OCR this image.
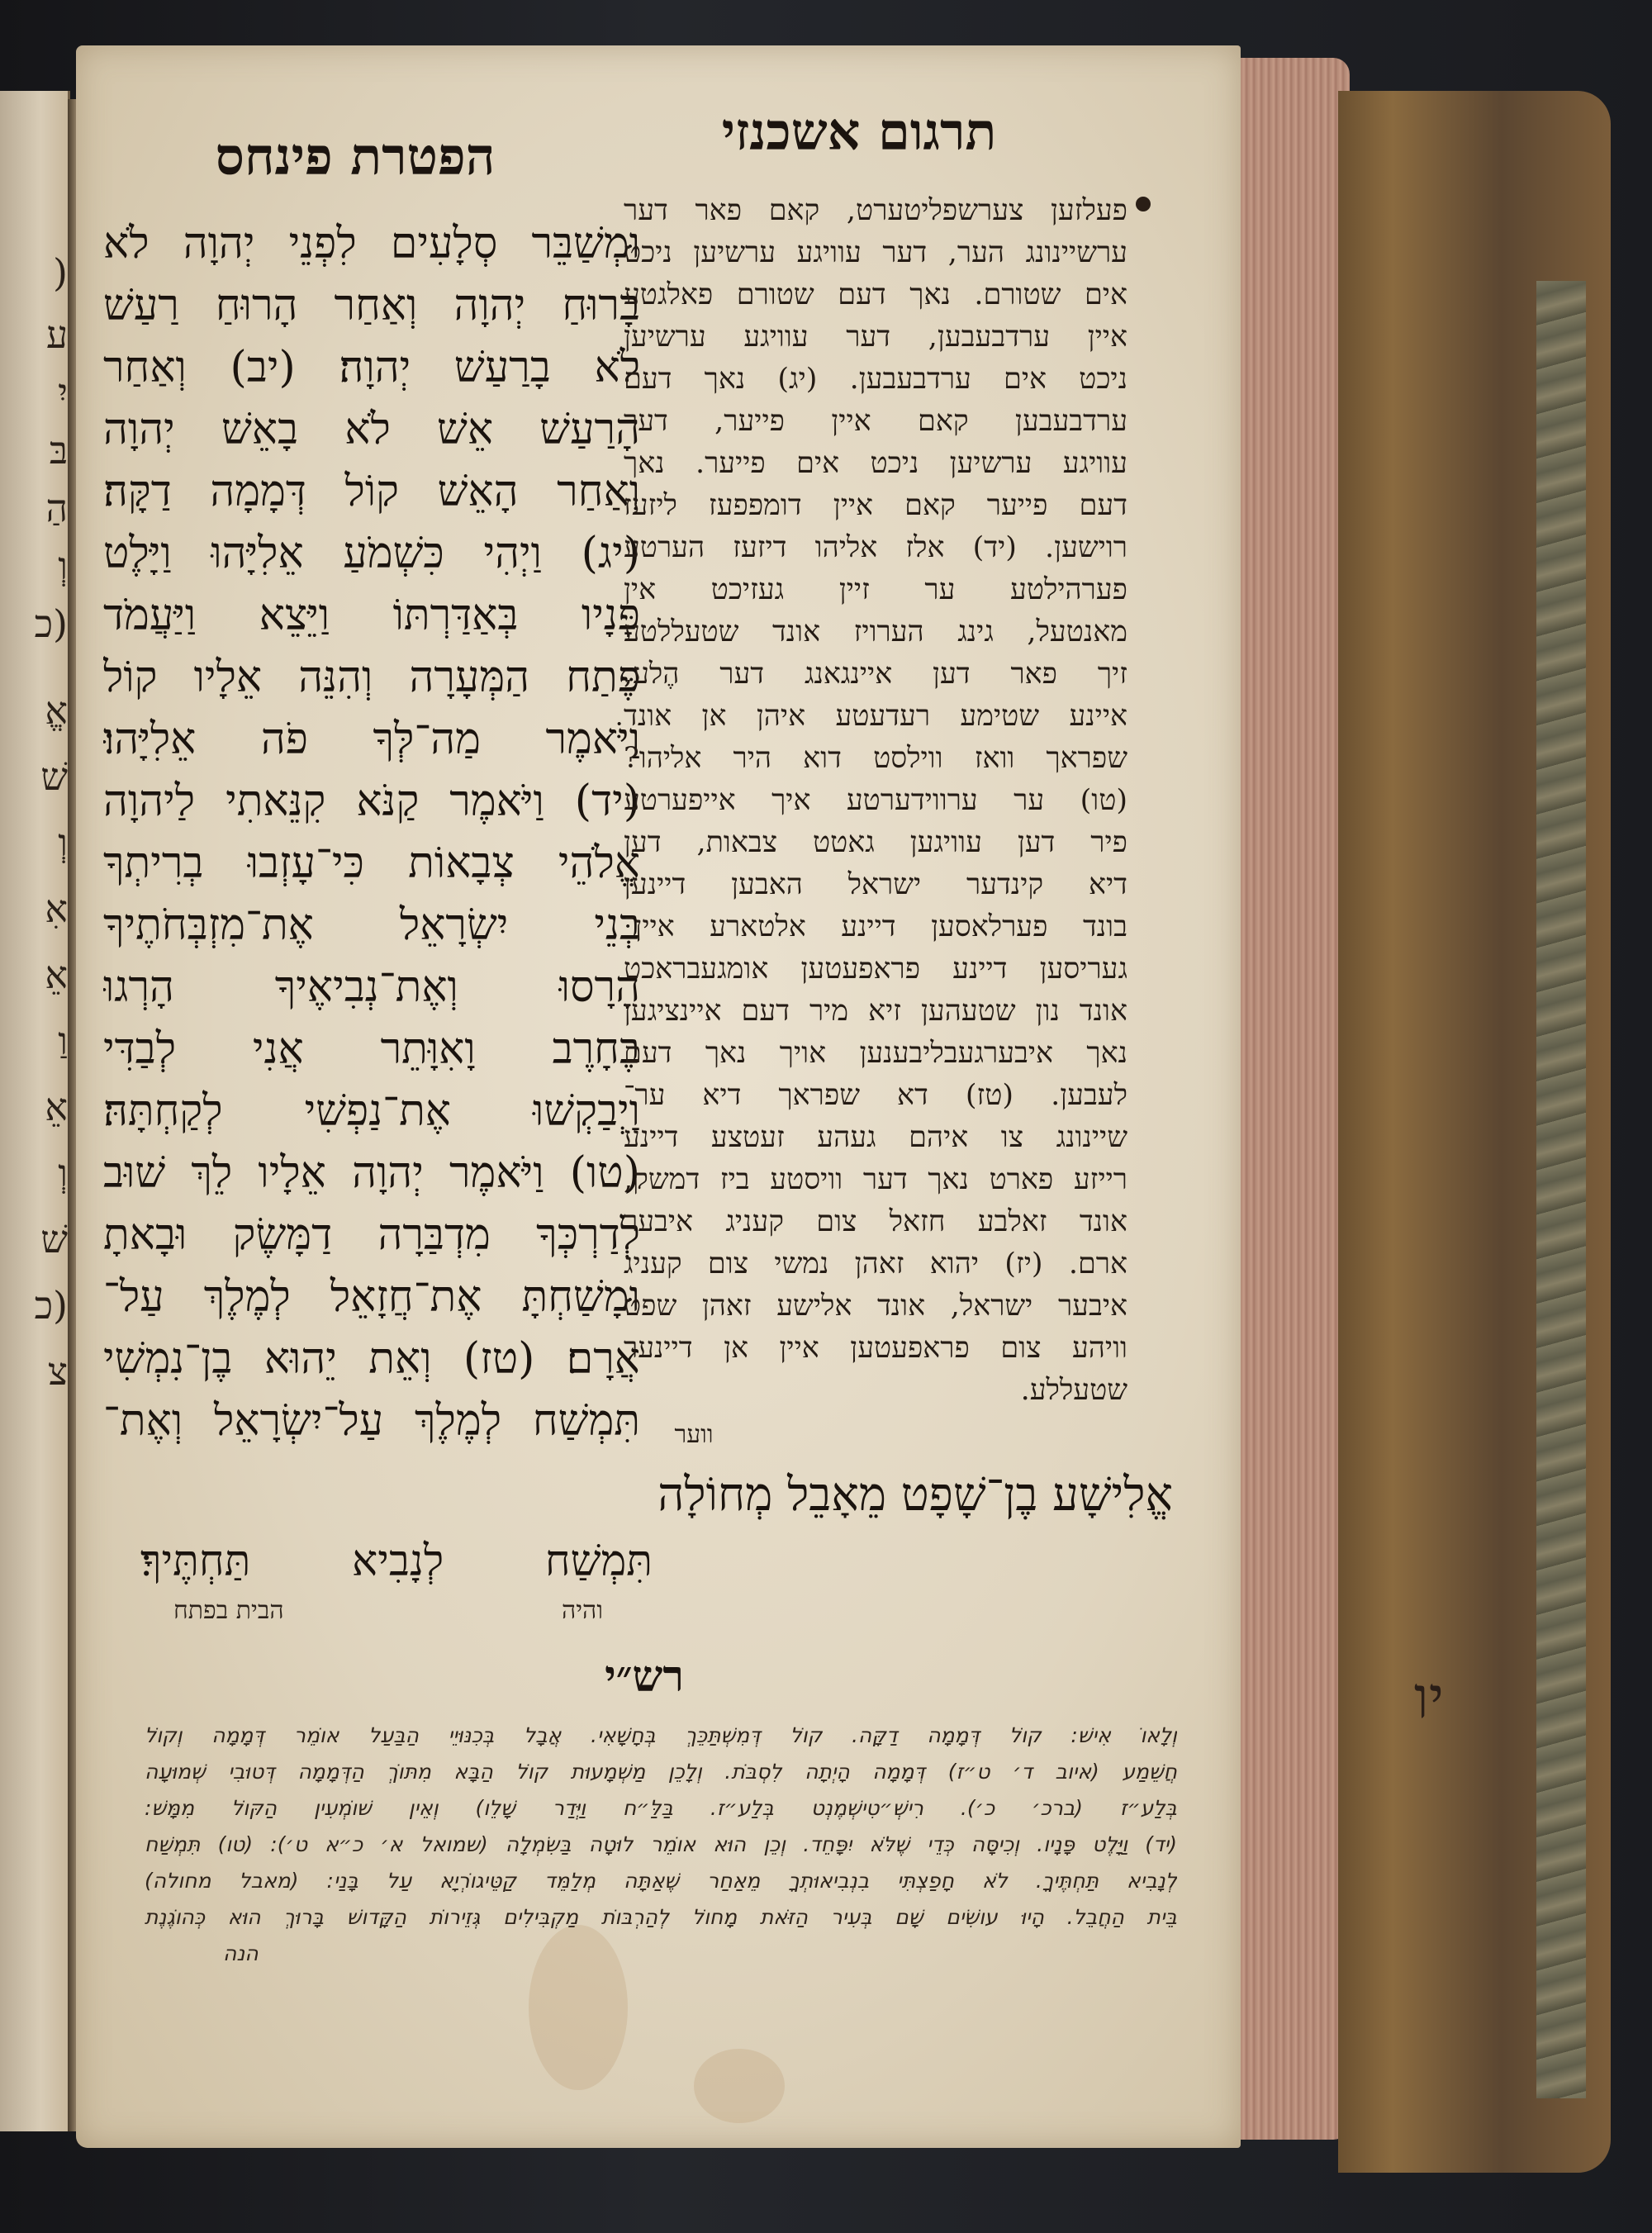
(
ע
יִ
בּ
הַ
וְ
(כ
אֱ
שׁ
וְ
אִ
אֵ
וַ
אֵ
וְ
שׁ
(כ
צ
יו
הפטרת פינחס	תרגום אשכנזי
וּמְשַׁבֵּר סְלָעִים לִפְנֵי יְהוָה לֹא
בָרוּחַ יְהוָה וְאַחַר הָרוּחַ רַעַשׁ
לֹא בָרַעַשׁ יְהוָה׃ (יב) וְאַחַר
הָרַעַשׁ אֵשׁ לֹא בָאֵשׁ יְהוָה
וְאַחַר הָאֵשׁ קוֹל דְּמָמָה דַקָּה׃
(יג) וַיְהִי כִּשְׁמֹעַ אֵלִיָּהוּ וַיָּלֶט
פָּנָיו בְּאַדַּרְתּוֹ וַיֵּצֵא וַיַּעֲמֹד
פֶּתַח הַמְּעָרָה וְהִנֵּה אֵלָיו קוֹל
וַיֹּאמֶר מַה־לְּךָ פֹה אֵלִיָּהוּ׃
(יד) וַיֹּאמֶר קַנֹּא קִנֵּאתִי לַיהוָה
אֱלֹהֵי צְבָאוֹת כִּי־עָזְבוּ בְרִיתְךָ
בְּנֵי יִשְׂרָאֵל אֶת־מִזְבְּחֹתֶיךָ
הָרָסוּ וְאֶת־נְבִיאֶיךָ הָרְגוּ
בֶחָרֶב וָאִוָּתֵר אֲנִי לְבַדִּי
וַיְבַקְשׁוּ אֶת־נַפְשִׁי לְקַחְתָּהּ׃
(טו) וַיֹּאמֶר יְהוָה אֵלָיו לֵךְ שׁוּב
לְדַרְכְּךָ מִדְבַּרָה דַמָּשֶׂק וּבָאתָ
וּמָשַׁחְתָּ אֶת־חֲזָאֵל לְמֶלֶךְ עַל־
אֲרָם׃ (טז) וְאֵת יֵהוּא בֶן־נִמְשִׁי
תִּמְשַׁח לְמֶלֶךְ עַל־יִשְׂרָאֵל וְאֶת־
פעלזען צערשפליטערט, קאם פאר דער
ערשיינונג הער, דער עוויגע ערשיען ניכט
אים שטורם. נאך דעם שטורם פאלגטע
איין ערדבעבען, דער עוויגע ערשיען
ניכט אים ערדבעבען. (יג) נאך דעם
ערדבעבען קאם איין פייער, דער
עוויגע ערשיען ניכט אים פייער. נאך
דעם פייער קאם איין דומפפעז ליזעז
רוישען. (יד) אלז אליהו דיזעז הערטע
פערהילטע ער זיין געזיכט אין
מאנטעל, גינג הערויז אונד שטעללטע
זיך פאר דען איינגאנג דער הֶלע,
איינע שטימע רעדעטע איהן אן אונד
שפראך וואז ווילסט דוא היר אליהו?
(טו) ער ערווידערטע איך אייפערטע
פיר דען עוויגען גאטט צבאות, דען
דיא קינדער ישראל האבען דיינען
בונד פערלאסען דיינע אלטארע איין־
געריסען דיינע פראפעטען אומגעבראכט
אונד נון שטעהען זיא מיר דעם איינציגען
נאך איבערגעבליבענען אויך נאך דעם
לעבען. (טז) דא שפראך דיא ער־
שיינונג צו איהם געהע זעטצע דיינע
רייזע פארט נאך דער וויסטע ביז דמשק,
אונד זאלבע חזאל צום קעניג איבער
ארם. (יז) יהוא זאהן נמשי צום קעניג
איבער ישראל, אונד אלישע זאהן שפט
וויהע צום פראפעטען איין אן דיינער
שטעללע.
ווער
אֱלִישָׁע בֶן־שָׁפָט מֵאָבֵל מְחוֹלָה
תִּמְשַׁח לְנָבִיא תַּחְתֶּיךָ׃
והיה
הבית בפתח
רש״י
וְלָאוֹ אִישׁ: קוֹל דְּמָמָה דַקָּה. קוֹל דְּמִשְׁתַּכֵּךְ בְּחָשָׁאִי. אֲבָל בְּכִנּוּיֵי הַבַּעַל אוֹמֵר דְּמָמָה וְקוֹל
חֲשֵׁמַע (איוב ד׳ ט״ז) דְּמָמָה הָיְתָה לִסְבֹּת. וְלָכֵן מַשְׁמָעוּת קוֹל הַבָּא מִתּוֹךְ הַדְּמָמָה דְּטוּבִי שְׁמוּעָה
בְּלַע״ז (ברכ׳ כ׳). רִישְׁ״טִישְׁמֶנְט בְּלַע״ז. בַּלַּ״ח וַיְּדַר שָׁלֵו) וְאֵין שׁוֹמְעִין הַקּוֹל מִמָּשׁ:
(יד) וַיָּלֶט פָּנָיו. וְכִיסָּה כְּדֵי שֶׁלֹּא יִפָּחֵד. וְכֵן הוּא אוֹמֵר לוּטָה בַּשִּׂמְלָה (שמואל א׳ כ״א ט׳): (טו) תִּמְשַׁח
לְנָבִיא תַּחְתֶּיךָ. לֹא חָפַצְתִּי בִנְבִיאוּתְךָ מֵאַחַר שֶׁאַתָּה מְלַמֵּד קַטֵּיגוֹרְיָא עַל בָּנַי: (מאבל מחולה)
בֵּית הַחֲבֵל. הָיוּ עוֹשִׂים שָׁם בְּעִיר הַזֹּאת מָחוֹל לְהַרְבּוֹת מַקְבִּילִים גְּזֵירוֹת הַקָּדוֹשׁ בָּרוּךְ הוּא כְּהוֹגֶנֶת
הנה
